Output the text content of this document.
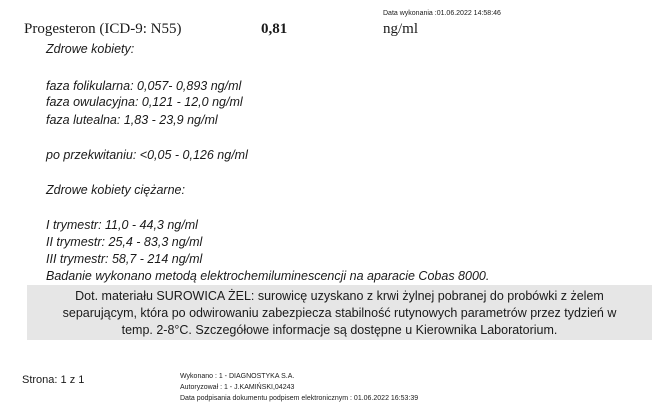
Data wykonania :01.06.2022 14:58:46
Progesteron (ICD-9: N55)	0,81	ng/ml
Zdrowe kobiety:
faza folikularna: 0,057- 0,893 ng/ml
faza owulacyjna: 0,121 - 12,0 ng/ml
faza lutealna: 1,83 - 23,9 ng/ml
po przekwitaniu: <0,05 - 0,126 ng/ml
Zdrowe kobiety ciężarne:
I trymestr: 11,0 - 44,3 ng/ml
II trymestr: 25,4 - 83,3 ng/ml
III trymestr: 58,7 - 214 ng/ml
Badanie wykonano metodą elektrochemiluminescencji na aparacie Cobas 8000.
Dot. materiału SUROWICA ŻEL: surowicę uzyskano z krwi żylnej pobranej do probówki z żelem
separującym, która po odwirowaniu zabezpiecza stabilność rutynowych parametrów przez tydzień w
temp. 2-8°C. Szczegółowe informacje są dostępne u Kierownika Laboratorium.
Strona: 1 z 1	Wykonano : 1 - DIAGNOSTYKA S.A.
Autoryzował : 1 - J.KAMIŃSKI,04243
Data podpisania dokumentu podpisem elektronicznym : 01.06.2022 16:53:39
